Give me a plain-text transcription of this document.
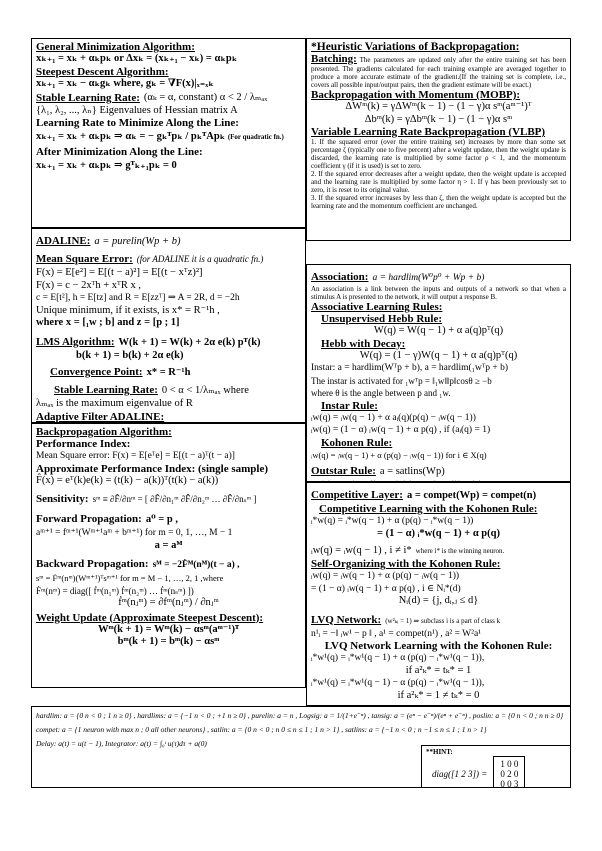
General Minimization Algorithm:
xₖ₊₁ = xₖ + αₖpₖ or Δxₖ = (xₖ₊₁ − xₖ) = αₖpₖ
Steepest Descent Algorithm:
xₖ₊₁ = xₖ − αₖgₖ where, gₖ = ∇F(x)|ₓ₌ₓₖ
Stable Learning Rate: (αₖ = α, constant) α < 2 / λₘₐₓ
{λ₁, λ₂, ..., λₙ} Eigenvalues of Hessian matrix A
Learning Rate to Minimize Along the Line:
xₖ₊₁ = xₖ + αₖpₖ ⇒ αₖ = − gₖᵀpₖ / pₖᵀApₖ (For quadratic fn.)
After Minimization Along the Line:
xₖ₊₁ = xₖ + αₖpₖ ⇒ gᵀₖ₊₁pₖ = 0
*Heuristic Variations of Backpropagation:
Batching: The parameters are updated only after the entire training set has been presented. The gradients calculated for each training example are averaged together to produce a more accurate estimate of the gradient.(If the training set is complete, i.e., covers all possible input/output pairs, then the gradient estimate will be exact.)
Backpropagation with Momentum (MOBP):
ΔWᵐ(k) = γΔWᵐ(k − 1) − (1 − γ)α sᵐ(aᵐ⁻¹)ᵀ
Δbᵐ(k) = γΔbᵐ(k − 1) − (1 − γ)α sᵐ
Variable Learning Rate Backpropagation (VLBP)
1. If the squared error (over the entire training set) increases by more than some set percentage ζ (typically one to five percent) after a weight update, then the weight update is discarded, the learning rate is multiplied by some factor ρ < 1, and the momentum coefficient γ (if it is used) is set to zero.
2. If the squared error decreases after a weight update, then the weight update is accepted and the learning rate is multiplied by some factor η > 1. If γ has been previously set to zero, it is reset to its original value.
3. If the squared error increases by less than ζ, then the weight update is accepted but the learning rate and the momentum coefficient are unchanged.
ADALINE: a = purelin(Wp + b)
Mean Square Error: (for ADALINE it is a quadratic fn.)
F(x) = E[e²] = E[(t − a)²] = E[(t − xᵀz)²]
F(x) = c − 2xᵀh + xᵀR x ,
c = E[t²], h = E[tz] and R = E[zzᵀ] ⇒ A = 2R, d = −2h
Unique minimum, if it exists, is x* = R⁻¹h ,
where x = [₁w ; b] and z = [p ; 1]
LMS Algorithm: W(k + 1) = W(k) + 2α e(k) pᵀ(k)
b(k + 1) = b(k) + 2α e(k)
Convergence Point: x* = R⁻¹h
Stable Learning Rate: 0 < α < 1/λₘₐₓ where
λₘₐₓ is the maximum eigenvalue of R
Adaptive Filter ADALINE:
Association: a = hardlim(W⁰p⁰ + Wp + b)
An association is a link between the inputs and outputs of a network so that when a stimulus A is presented to the network, it will output a response B.
Associative Learning Rules:
Unsupervised Hebb Rule:
W(q) = W(q − 1) + α a(q)pᵀ(q)
Hebb with Decay:
W(q) = (1 − γ)W(q − 1) + α a(q)pᵀ(q)
Instar: a = hardlim(Wᵀp + b), a = hardlim(₁wᵀp + b)
The instar is activated for ₁wᵀp = ‖₁w‖‖p‖cosθ ≥ −b
where θ is the angle between p and ₁w.
Instar Rule:
ᵢw(q) = ᵢw(q − 1) + α aᵢ(q)(p(q) − ᵢw(q − 1))
ᵢw(q) = (1 − α) ᵢw(q − 1) + α p(q) , if (aᵢ(q) = 1)
Kohonen Rule:
ᵢw(q) = ᵢw(q − 1) + α (p(q) − ᵢw(q − 1)) for i ∈ X(q)
Outstar Rule: a = satlins(Wp)
Backpropagation Algorithm:
Performance Index:
Mean Square error: F(x) = E[eᵀe] = E[(t − a)ᵀ(t − a)]
Approximate Performance Index: (single sample)
F̂(x) = eᵀ(k)e(k) = (t(k) − a(k))ᵀ(t(k) − a(k))
Sensitivity: sᵐ ≡ ∂F̂/∂nᵐ = [ ∂F̂/∂n₁ᵐ ∂F̂/∂n₂ᵐ … ∂F̂/∂nₛᵐ ]
Forward Propagation: a⁰ = p ,
aᵐ⁺¹ = fᵐ⁺¹(Wᵐ⁺¹aᵐ + bᵐ⁺¹) for m = 0, 1, …, M − 1
a = aᴹ
Backward Propagation: sᴹ = −2Ḟᴹ(nᴹ)(t − a) ,
sᵐ = Ḟᵐ(nᵐ)(Wᵐ⁺¹)ᵀsᵐ⁺¹ for m = M − 1, …, 2, 1 ,where
Ḟᵐ(nᵐ) = diag([ ḟᵐ(n₁ᵐ) ḟᵐ(n₂ᵐ) … ḟᵐ(nₛᵐ) ])
ḟᵐ(nⱼᵐ) = ∂fᵐ(nⱼᵐ) / ∂nⱼᵐ
Weight Update (Approximate Steepest Descent):
Wᵐ(k + 1) = Wᵐ(k) − αsᵐ(aᵐ⁻¹)ᵀ
bᵐ(k + 1) = bᵐ(k) − αsᵐ
Competitive Layer: a = compet(Wp) = compet(n)
Competitive Learning with the Kohonen Rule:
ᵢ*w(q) = ᵢ*w(q − 1) + α (p(q) − ᵢ*w(q − 1))
= (1 − α) ᵢ*w(q − 1) + α p(q)
ᵢw(q) = ᵢw(q − 1) , i ≠ i* where i* is the winning neuron.
Self-Organizing with the Kohonen Rule:
ᵢw(q) = ᵢw(q − 1) + α (p(q) − ᵢw(q − 1))
= (1 − α) ᵢw(q − 1) + α p(q) , i ∈ Nᵢ*(d)
Nᵢ(d) = {j, dᵢ,ⱼ ≤ d}
LVQ Network: (w²ₖᵢ = 1) ⇒ subclass i is a part of class k
n¹ᵢ = −‖ ᵢw¹ − p ‖ , a¹ = compet(n¹) , a² = W²a¹
LVQ Network Learning with the Kohonen Rule:
ᵢ*w¹(q) = ᵢ*w¹(q − 1) + α (p(q) − ᵢ*w¹(q − 1)),
if a²ₖ* = tₖ* = 1
ᵢ*w¹(q) = ᵢ*w¹(q − 1) − α (p(q) − ᵢ*w¹(q − 1)),
if a²ₖ* = 1 ≠ tₖ* = 0
hardlim: a = {0 n < 0 ; 1 n ≥ 0} , hardlims: a = {−1 n < 0 ; +1 n ≥ 0} , purelin: a = n , Logsig: a = 1/(1+e⁻ⁿ) , tansig: a = (eⁿ − e⁻ⁿ)/(eⁿ + e⁻ⁿ) , poslin: a = {0 n < 0 ; n n ≥ 0}
compet: a = {1 neuron with max n ; 0 all other neurons} , satlin: a = {0 n < 0 ; n 0 ≤ n ≤ 1 ; 1 n > 1} , satlins: a = {−1 n < 0 ; n −1 ≤ n ≤ 1 ; 1 n > 1}
Delay: a(t) = u(t − 1), Integrator: a(t) = ∫₀ᵗ u(τ)dτ + a(0)
**HINT:
diag([1 2 3]) =
1 0 0
0 2 0
0 0 3
